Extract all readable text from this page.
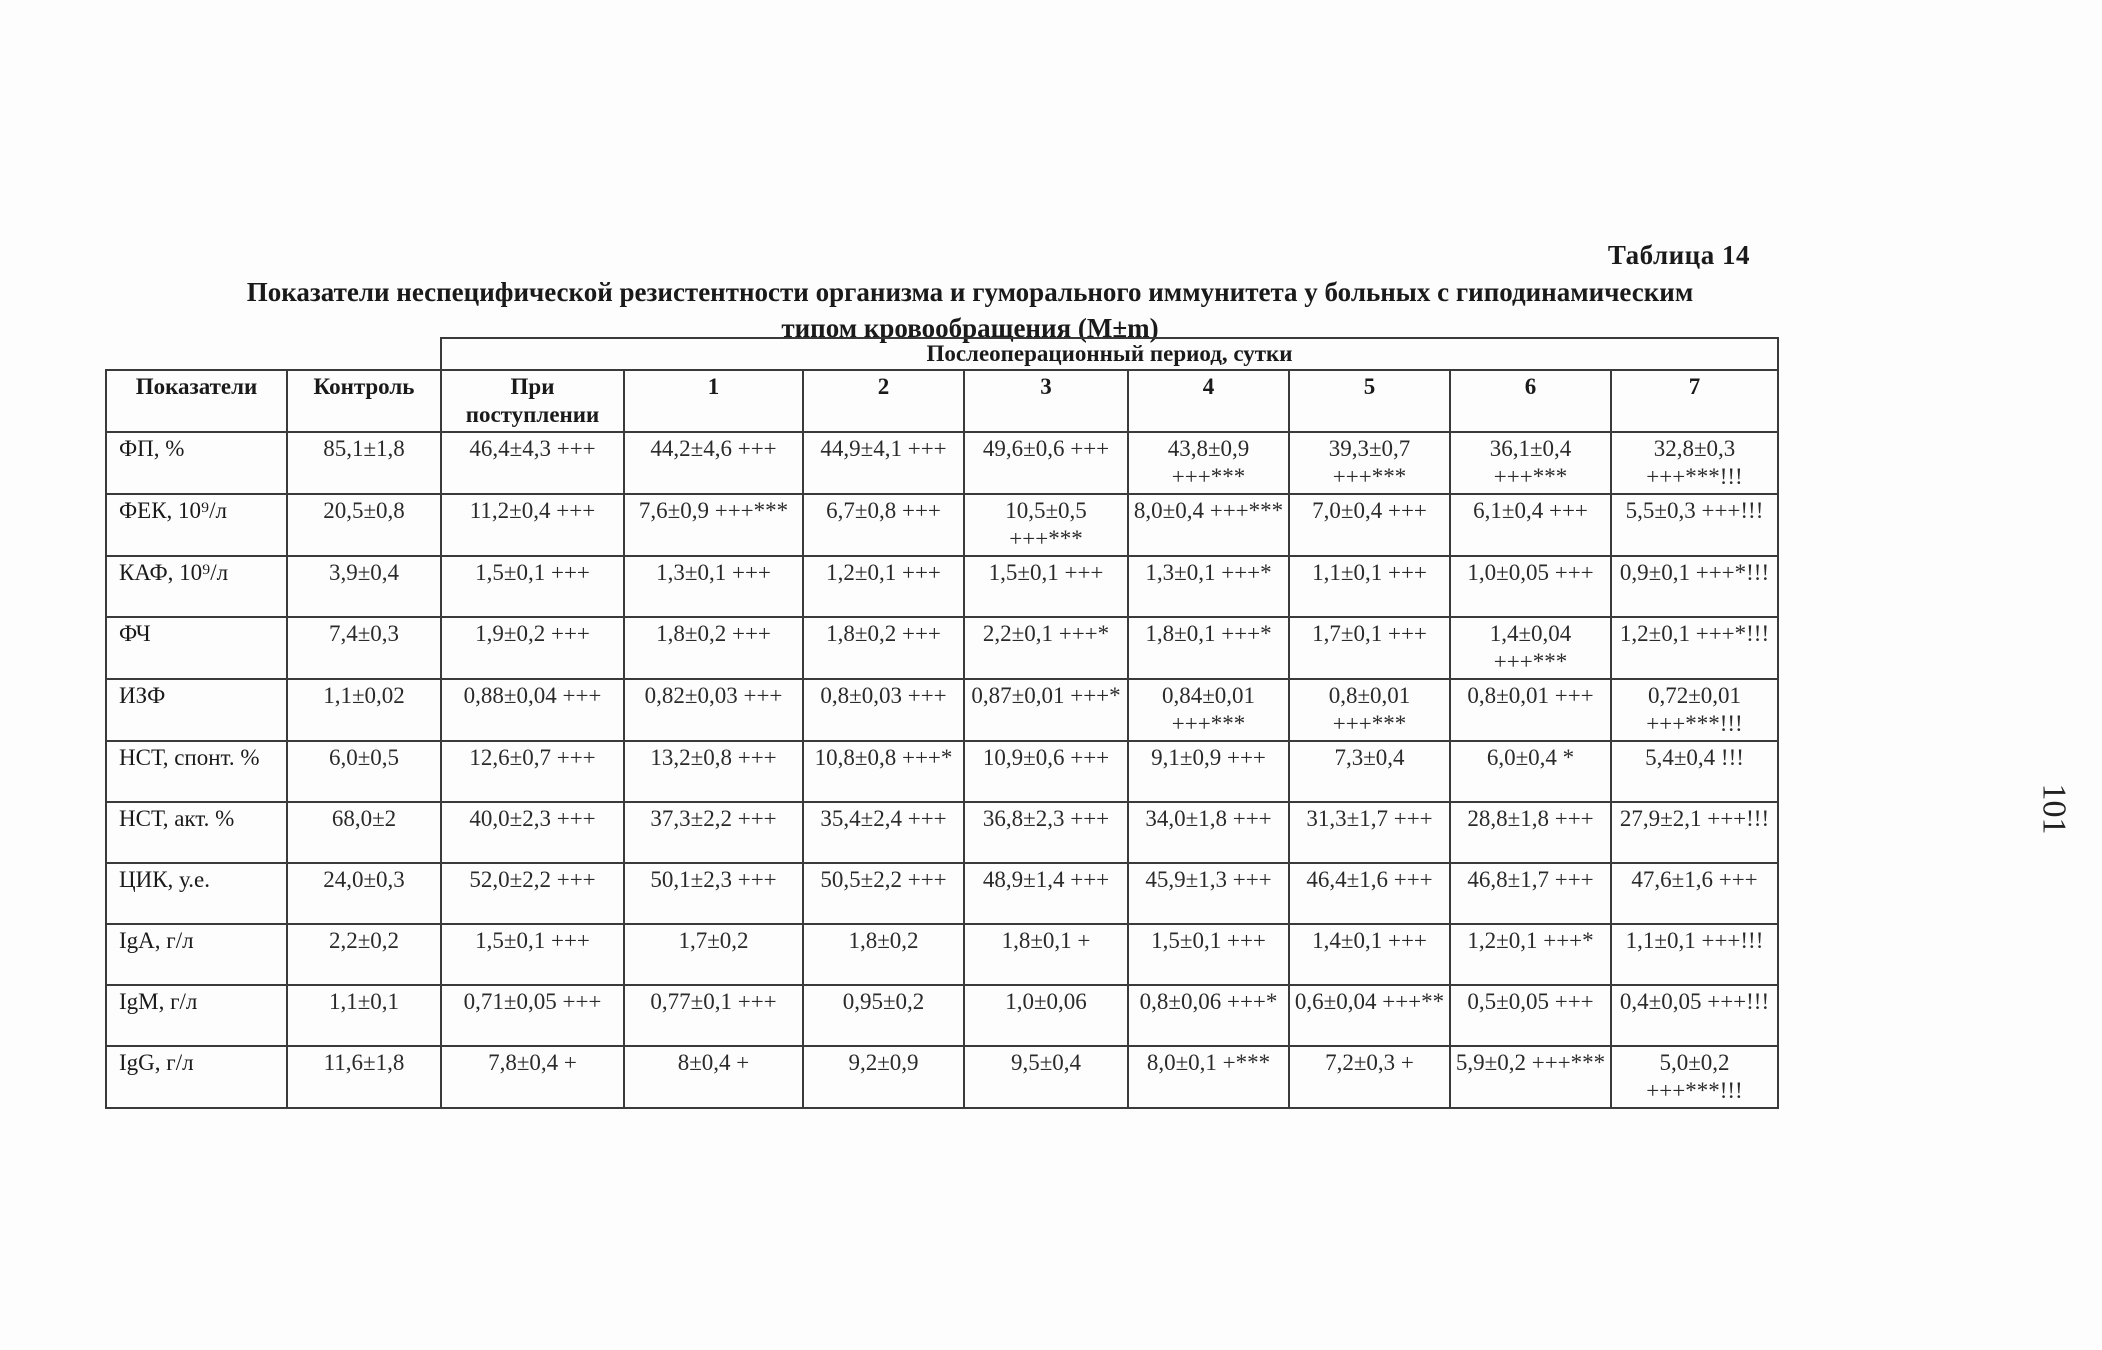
Таблица 14
Показатели неспецифической резистентности организма и гуморального иммунитета у больных с гиподинамическим
типом кровообращения (M±m)
		Послеоперационный период, сутки							
Показатели	Контроль	При поступлении	1	2	3	4	5	6	7
ФП, %	85,1±1,8	46,4±4,3 +++	44,2±4,6 +++	44,9±4,1 +++	49,6±0,6 +++	43,8±0,9 +++***	39,3±0,7 +++***	36,1±0,4 +++***	32,8±0,3 +++***!!!
ФЕК, 10⁹/л	20,5±0,8	11,2±0,4 +++	7,6±0,9 +++***	6,7±0,8 +++	10,5±0,5 +++***	8,0±0,4 +++***	7,0±0,4 +++	6,1±0,4 +++	5,5±0,3 +++!!!
КАФ, 10⁹/л	3,9±0,4	1,5±0,1 +++	1,3±0,1 +++	1,2±0,1 +++	1,5±0,1 +++	1,3±0,1 +++*	1,1±0,1 +++	1,0±0,05 +++	0,9±0,1 +++*!!!
ФЧ	7,4±0,3	1,9±0,2 +++	1,8±0,2 +++	1,8±0,2 +++	2,2±0,1 +++*	1,8±0,1 +++*	1,7±0,1 +++	1,4±0,04 +++***	1,2±0,1 +++*!!!
ИЗФ	1,1±0,02	0,88±0,04 +++	0,82±0,03 +++	0,8±0,03 +++	0,87±0,01 +++*	0,84±0,01 +++***	0,8±0,01 +++***	0,8±0,01 +++	0,72±0,01 +++***!!!
НСТ, спонт. %	6,0±0,5	12,6±0,7 +++	13,2±0,8 +++	10,8±0,8 +++*	10,9±0,6 +++	9,1±0,9 +++	7,3±0,4	6,0±0,4 *	5,4±0,4 !!!
НСТ, акт. %	68,0±2	40,0±2,3 +++	37,3±2,2 +++	35,4±2,4 +++	36,8±2,3 +++	34,0±1,8 +++	31,3±1,7 +++	28,8±1,8 +++	27,9±2,1 +++!!!
ЦИК, у.е.	24,0±0,3	52,0±2,2 +++	50,1±2,3 +++	50,5±2,2 +++	48,9±1,4 +++	45,9±1,3 +++	46,4±1,6 +++	46,8±1,7 +++	47,6±1,6 +++
IgA, г/л	2,2±0,2	1,5±0,1 +++	1,7±0,2	1,8±0,2	1,8±0,1 +	1,5±0,1 +++	1,4±0,1 +++	1,2±0,1 +++*	1,1±0,1 +++!!!
IgM, г/л	1,1±0,1	0,71±0,05 +++	0,77±0,1 +++	0,95±0,2	1,0±0,06	0,8±0,06 +++*	0,6±0,04 +++**	0,5±0,05 +++	0,4±0,05 +++!!!
IgG, г/л	11,6±1,8	7,8±0,4 +	8±0,4 +	9,2±0,9	9,5±0,4	8,0±0,1 +***	7,2±0,3 +	5,9±0,2 +++***	5,0±0,2 +++***!!!
101
